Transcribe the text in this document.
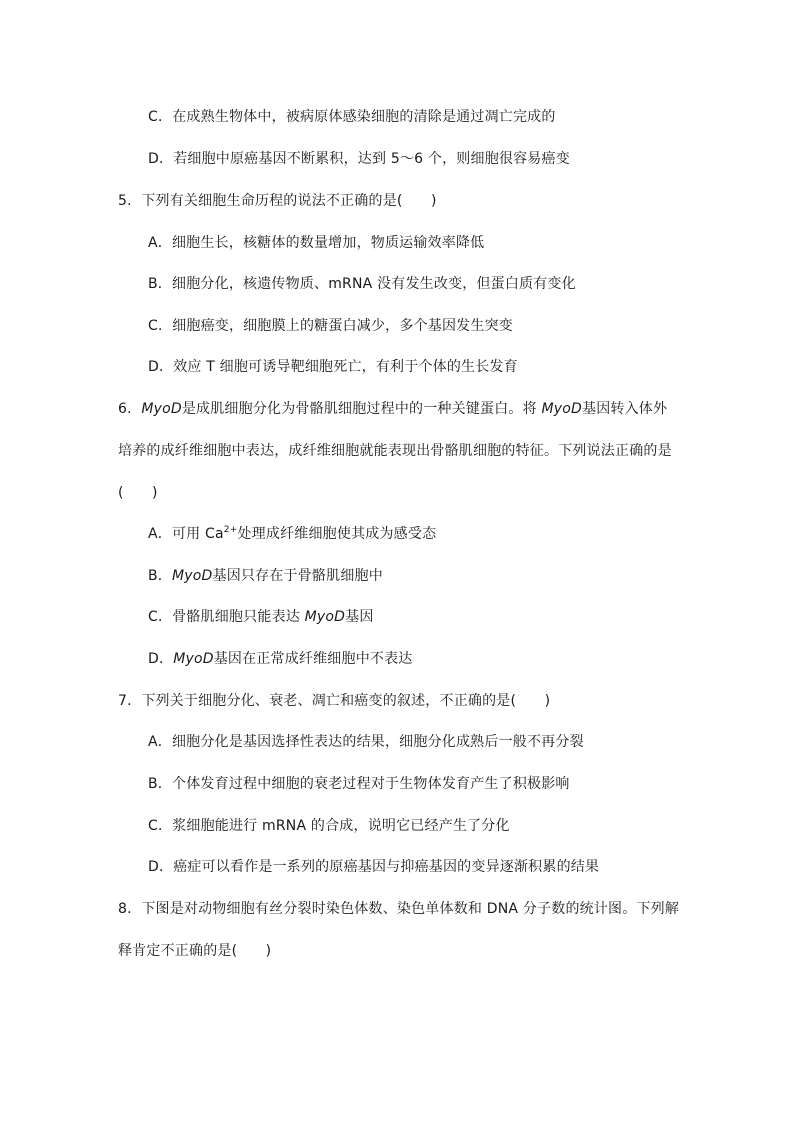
C．在成熟生物体中，被病原体感染细胞的清除是通过凋亡完成的
D．若细胞中原癌基因不断累积，达到 5～6 个，则细胞很容易癌变
5．下列有关细胞生命历程的说法不正确的是(　　)
A．细胞生长，核糖体的数量增加，物质运输效率降低
B．细胞分化，核遗传物质、mRNA 没有发生改变，但蛋白质有变化
C．细胞癌变，细胞膜上的糖蛋白减少，多个基因发生突变
D．效应 T 细胞可诱导靶细胞死亡，有利于个体的生长发育
6．MyoD是成肌细胞分化为骨骼肌细胞过程中的一种关键蛋白。将 MyoD基因转入体外
培养的成纤维细胞中表达，成纤维细胞就能表现出骨骼肌细胞的特征。下列说法正确的是
(　　)
A．可用 $Ca^{2+}$处理成纤维细胞使其成为感受态
B．MyoD基因只存在于骨骼肌细胞中
C．骨骼肌细胞只能表达 MyoD基因
D．MyoD基因在正常成纤维细胞中不表达
7．下列关于细胞分化、衰老、凋亡和癌变的叙述，不正确的是(　　)
A．细胞分化是基因选择性表达的结果，细胞分化成熟后一般不再分裂
B．个体发育过程中细胞的衰老过程对于生物体发育产生了积极影响
C．浆细胞能进行 mRNA 的合成，说明它已经产生了分化
D．癌症可以看作是一系列的原癌基因与抑癌基因的变异逐渐积累的结果
8．下图是对动物细胞有丝分裂时染色体数、染色单体数和 DNA 分子数的统计图。下列解
释肯定不正确的是(　　)
